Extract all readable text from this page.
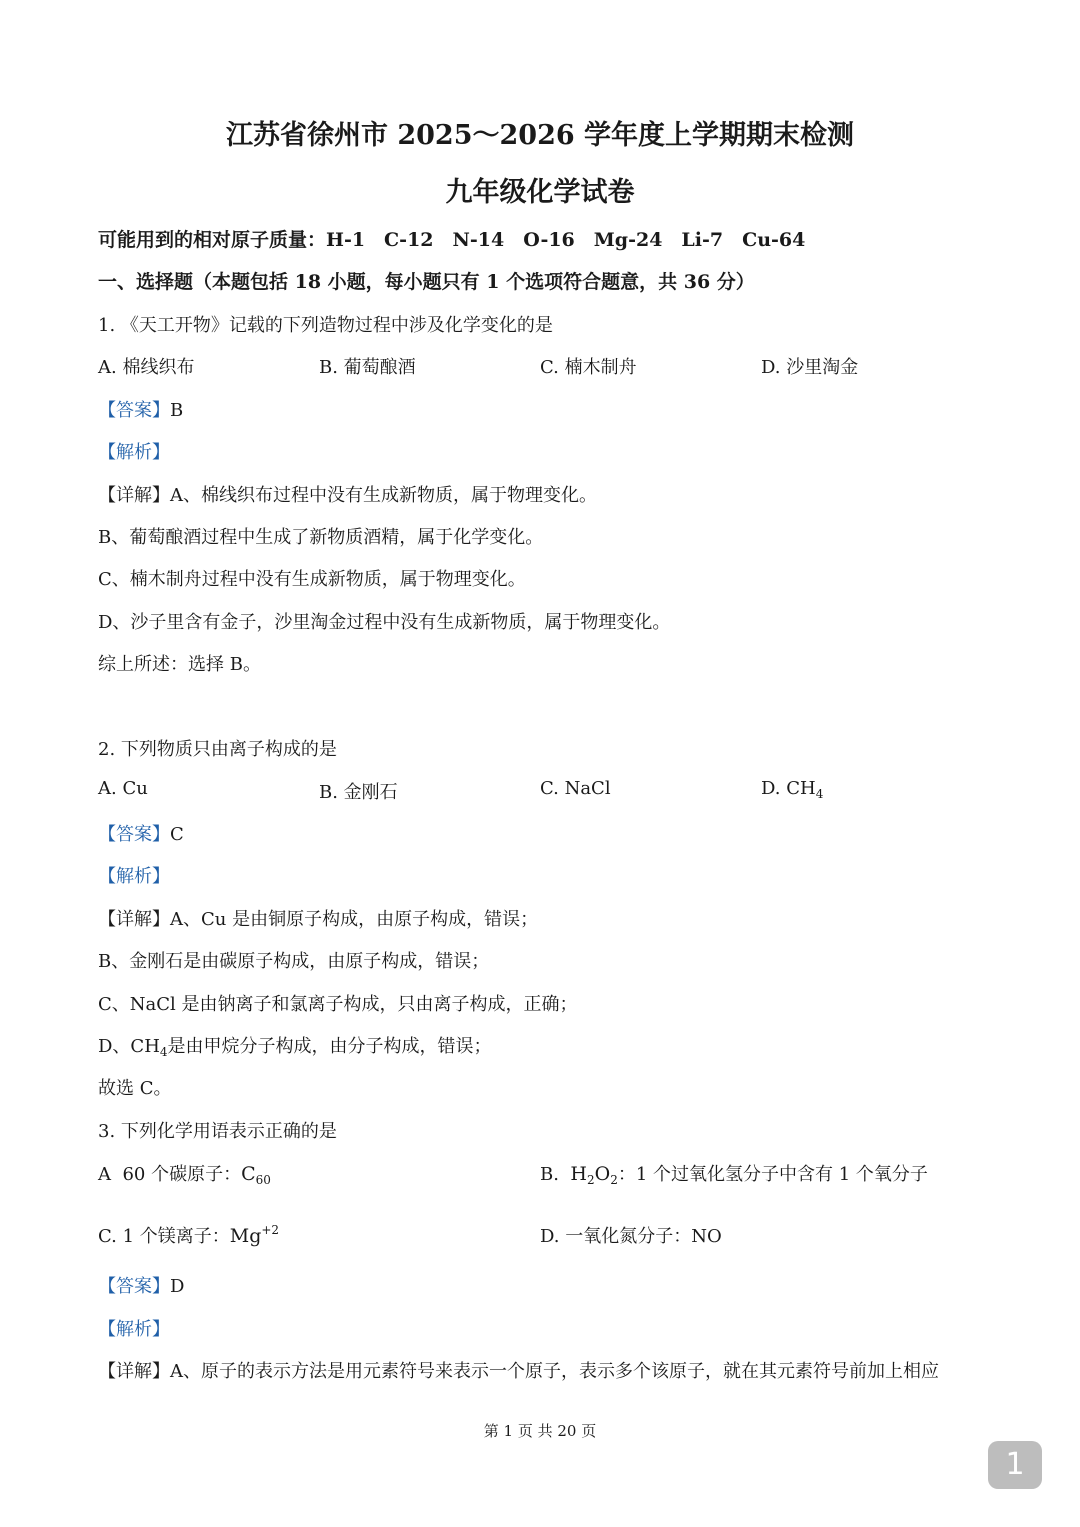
江苏省徐州市 2025～2026 学年度上学期期末检测
九年级化学试卷
可能用到的相对原子质量：H-1　C-12　N-14　O-16　Mg-24　Li-7　Cu-64
一、选择题（本题包括 18 小题，每小题只有 1 个选项符合题意，共 36 分）
1. 《天工开物》记载的下列造物过程中涉及化学变化的是
A. 棉线织布	B. 葡萄酿酒	C. 楠木制舟	D. 沙里淘金
【答案】B
【解析】
【详解】A、棉线织布过程中没有生成新物质，属于物理变化。
B、葡萄酿酒过程中生成了新物质酒精，属于化学变化。
C、楠木制舟过程中没有生成新物质，属于物理变化。
D、沙子里含有金子，沙里淘金过程中没有生成新物质，属于物理变化。
综上所述：选择 B。
2. 下列物质只由离子构成的是
A. Cu	B. 金刚石	C. NaCl	D. $CH_4$
【答案】C
【解析】
【详解】A、Cu 是由铜原子构成，由原子构成，错误；
B、金刚石是由碳原子构成，由原子构成，错误；
C、NaCl 是由钠离子和氯离子构成，只由离子构成，正确；
D、$CH_4$是由甲烷分子构成，由分子构成，错误；
故选 C。
3. 下列化学用语表示正确的是
A 60 个碳原子：$C_{60}$	B. $H_2O_2$：1 个过氧化氢分子中含有 1 个氧分子
C. 1 个镁离子：$Mg^{+2}$	D. 一氧化氮分子：NO
【答案】D
【解析】
【详解】A、原子的表示方法是用元素符号来表示一个原子，表示多个该原子，就在其元素符号前加上相应
第 1 页 共 20 页
1
